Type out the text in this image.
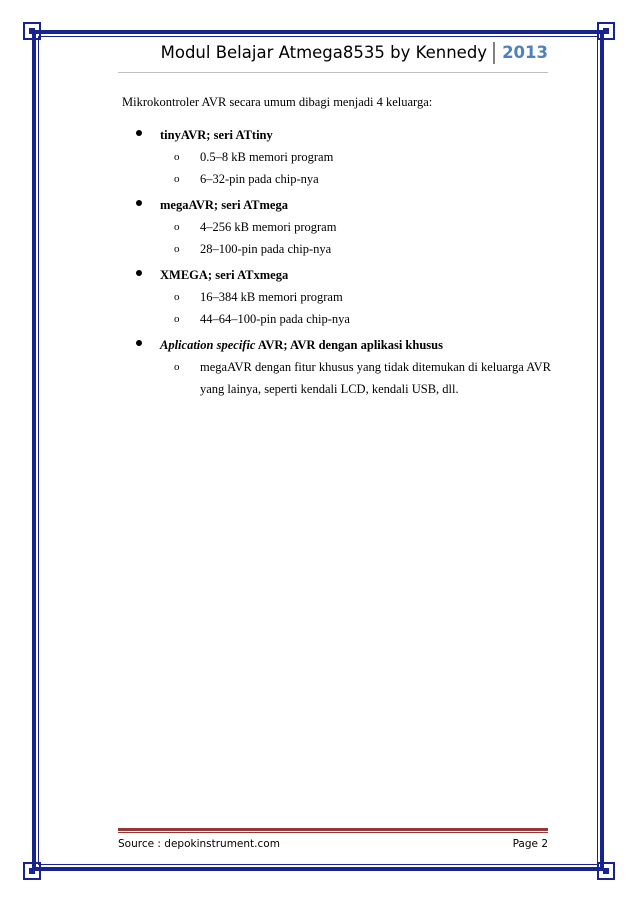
Modul Belajar Atmega8535 by Kennedy 2013

Mikrokontroler AVR secara umum dibagi menjadi 4 keluarga:

tinyAVR; seri ATtiny
o 0.5–8 kB memori program
o 6–32-pin pada chip-nya
megaAVR; seri ATmega
o 4–256 kB memori program
o 28–100-pin pada chip-nya
XMEGA; seri ATxmega
o 16–384 kB memori program
o 44–64–100-pin pada chip-nya
Aplication specific AVR; AVR dengan aplikasi khusus
o megaAVR dengan fitur khusus yang tidak ditemukan di keluarga AVR yang lainya, seperti kendali LCD, kendali USB, dll.
Source : depokinstrument.com	Page 2
